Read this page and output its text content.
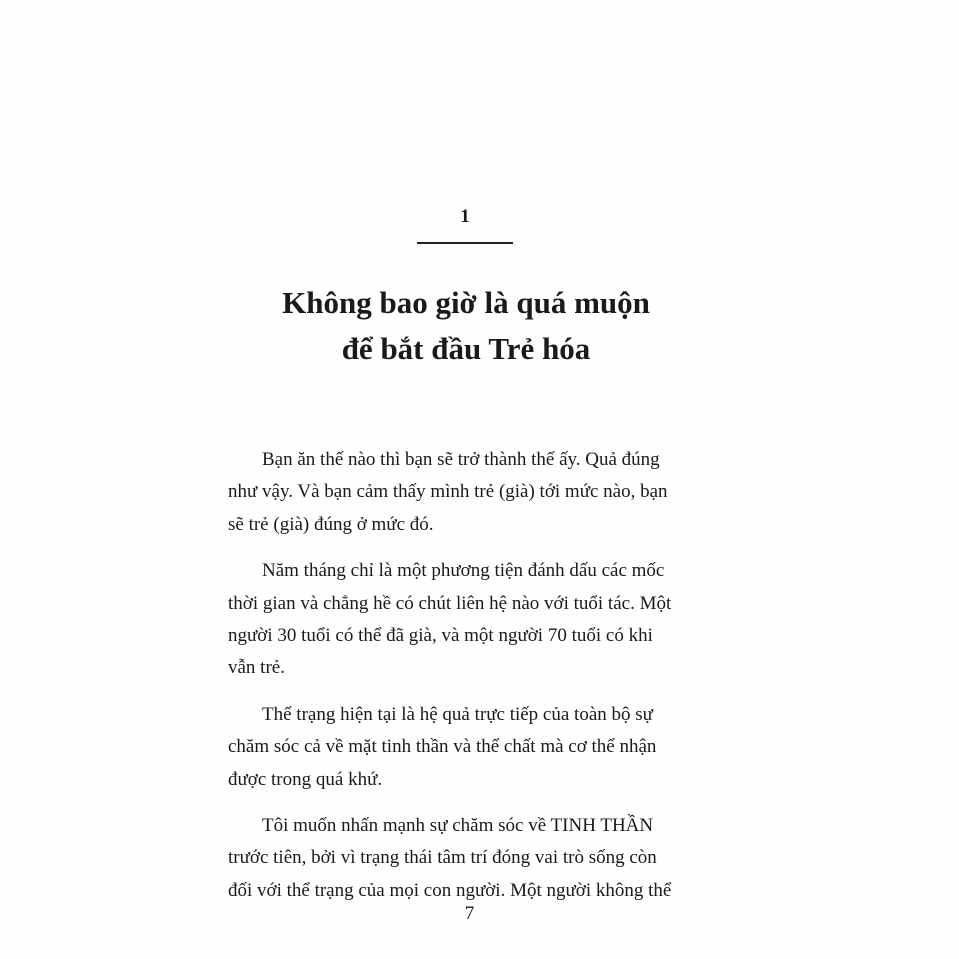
1
Không bao giờ là quá muộn
để bắt đầu Trẻ hóa

Bạn ăn thế nào thì bạn sẽ trở thành thế ấy. Quả đúng
như vậy. Và bạn cảm thấy mình trẻ (già) tới mức nào, bạn
sẽ trẻ (già) đúng ở mức đó.

Năm tháng chỉ là một phương tiện đánh dấu các mốc
thời gian và chẳng hề có chút liên hệ nào với tuổi tác. Một
người 30 tuổi có thể đã già, và một người 70 tuổi có khi
vẫn trẻ.

Thể trạng hiện tại là hệ quả trực tiếp của toàn bộ sự
chăm sóc cả về mặt tinh thần và thể chất mà cơ thể nhận
được trong quá khứ.

Tôi muốn nhấn mạnh sự chăm sóc về TINH THẦN
trước tiên, bởi vì trạng thái tâm trí đóng vai trò sống còn
đối với thể trạng của mọi con người. Một người không thể

7
